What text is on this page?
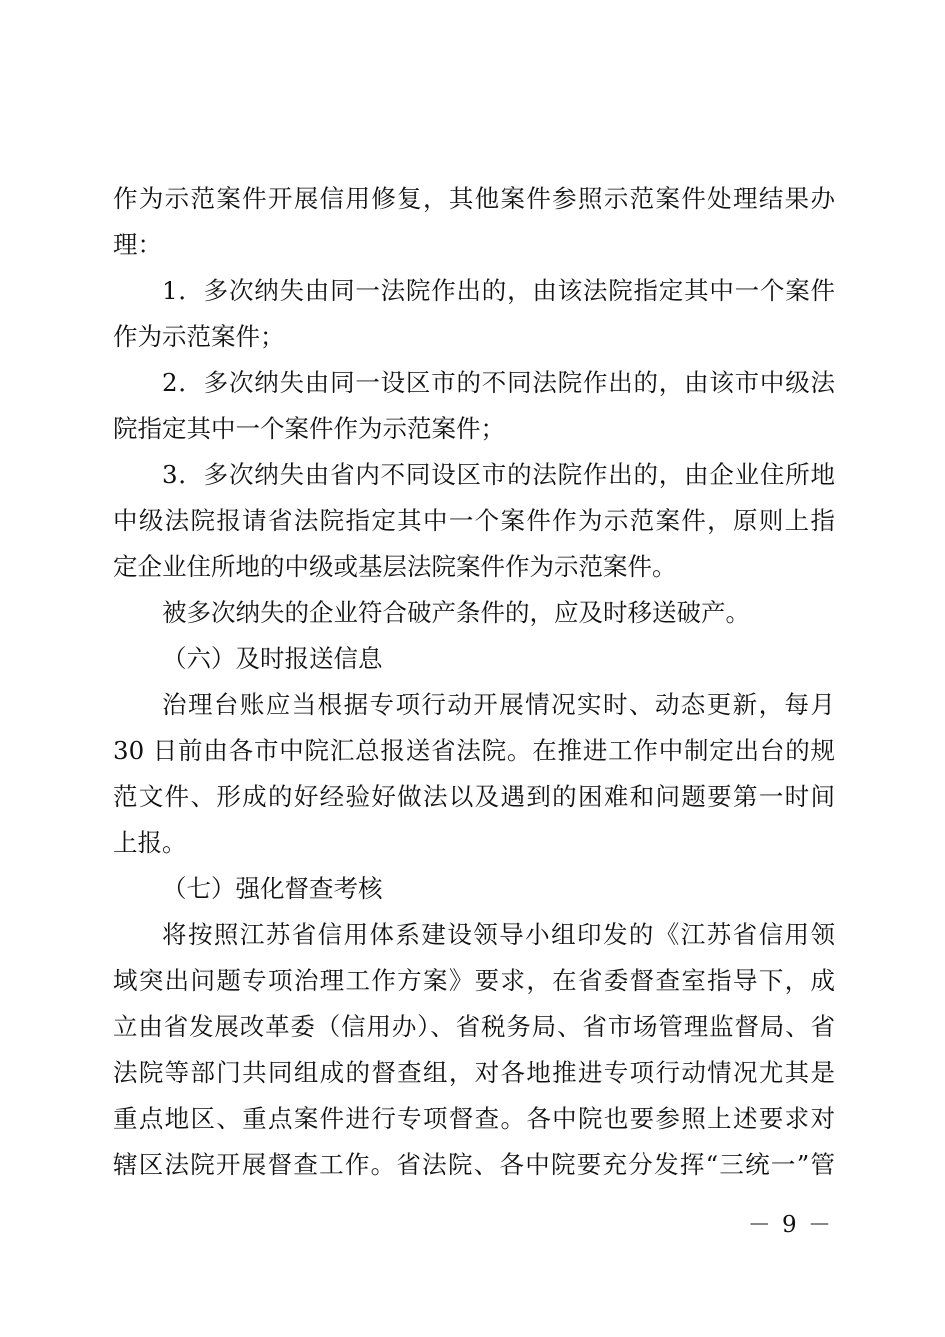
作为示范案件开展信用修复，其他案件参照示范案件处理结果办
理：
1．多次纳失由同一法院作出的，由该法院指定其中一个案件
作为示范案件；
2．多次纳失由同一设区市的不同法院作出的，由该市中级法
院指定其中一个案件作为示范案件；
3．多次纳失由省内不同设区市的法院作出的，由企业住所地
中级法院报请省法院指定其中一个案件作为示范案件，原则上指
定企业住所地的中级或基层法院案件作为示范案件。
被多次纳失的企业符合破产条件的，应及时移送破产。
（六）及时报送信息
治理台账应当根据专项行动开展情况实时、动态更新，每月
30 日前由各市中院汇总报送省法院。在推进工作中制定出台的规
范文件、形成的好经验好做法以及遇到的困难和问题要第一时间
上报。
（七）强化督查考核
将按照江苏省信用体系建设领导小组印发的《江苏省信用领
域突出问题专项治理工作方案》要求，在省委督查室指导下，成
立由省发展改革委（信用办）、省税务局、省市场管理监督局、省
法院等部门共同组成的督查组，对各地推进专项行动情况尤其是
重点地区、重点案件进行专项督查。各中院也要参照上述要求对
辖区法院开展督查工作。省法院、各中院要充分发挥“三统一”管
－ 9 －
